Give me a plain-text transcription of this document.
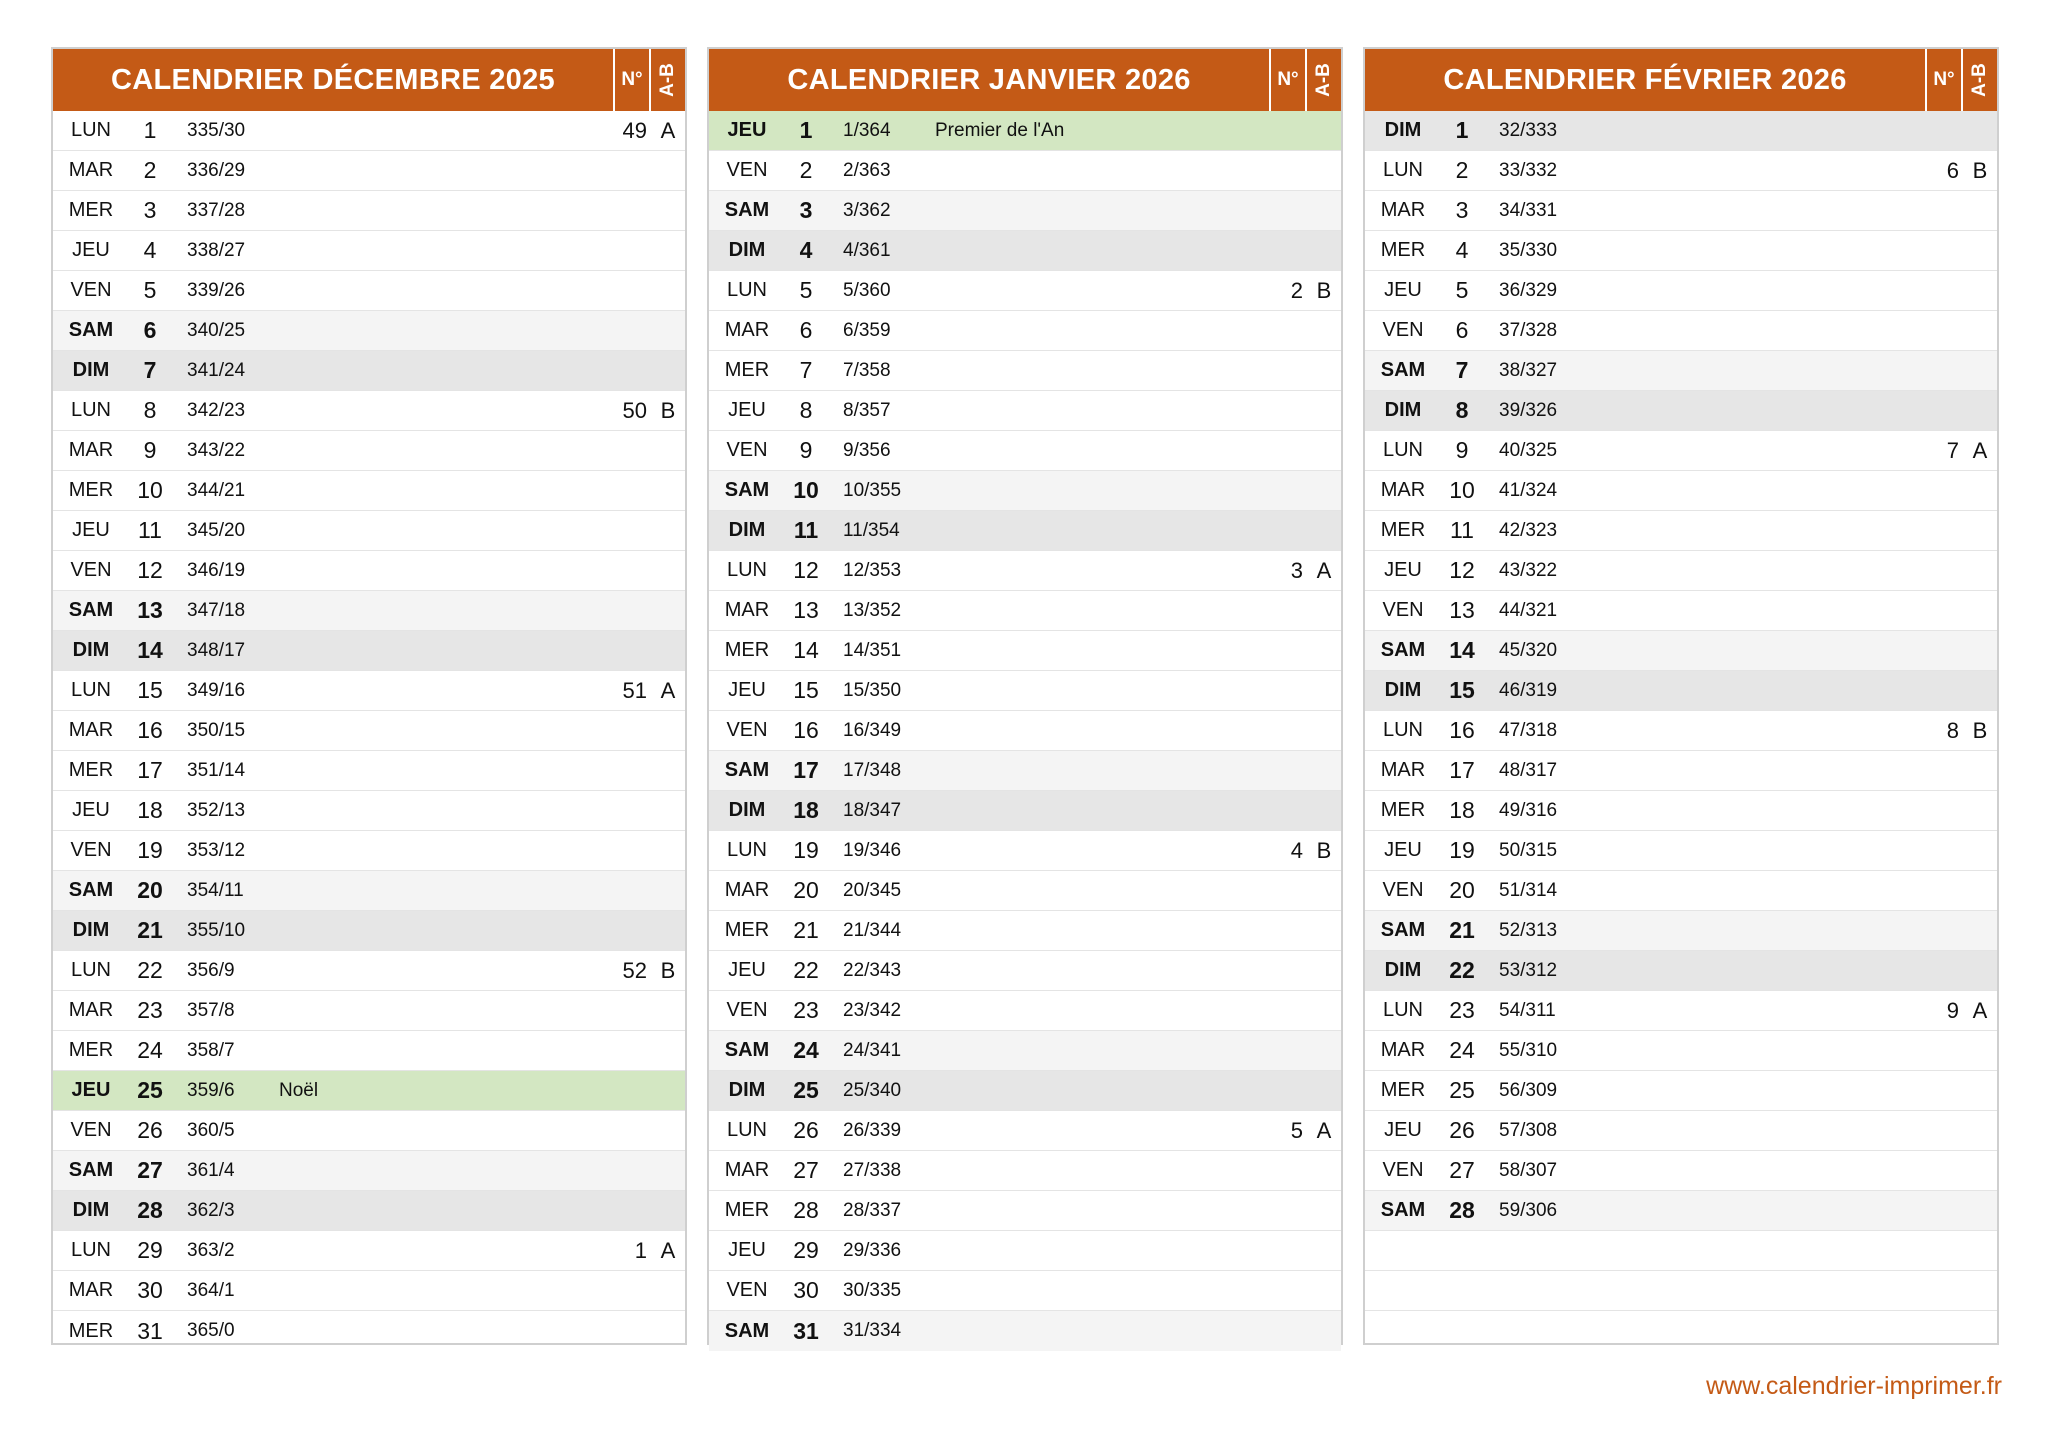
CALENDRIER DÉCEMBRE 2025	N° A-B
LUN	1	335/30	49 A
MAR	2	336/29
MER	3	337/28
JEU	4	338/27
VEN	5	339/26
SAM	6	340/25
DIM	7	341/24
LUN	8	342/23	50 B
MAR	9	343/22
MER	10	344/21
JEU	11	345/20
VEN	12	346/19
SAM	13	347/18
DIM	14	348/17
LUN	15	349/16	51 A
MAR	16	350/15
MER	17	351/14
JEU	18	352/13
VEN	19	353/12
SAM	20	354/11
DIM	21	355/10
LUN	22	356/9	52 B
MAR	23	357/8
MER	24	358/7
JEU	25	359/6	Noël
VEN	26	360/5
SAM	27	361/4
DIM	28	362/3
LUN	29	363/2	1 A
MAR	30	364/1
MER	31	365/0
CALENDRIER JANVIER 2026	N° A-B
JEU	1	1/364	Premier de l'An
VEN	2	2/363
SAM	3	3/362
DIM	4	4/361
LUN	5	5/360	2 B
MAR	6	6/359
MER	7	7/358
JEU	8	8/357
VEN	9	9/356
SAM	10	10/355
DIM	11	11/354
LUN	12	12/353	3 A
MAR	13	13/352
MER	14	14/351
JEU	15	15/350
VEN	16	16/349
SAM	17	17/348
DIM	18	18/347
LUN	19	19/346	4 B
MAR	20	20/345
MER	21	21/344
JEU	22	22/343
VEN	23	23/342
SAM	24	24/341
DIM	25	25/340
LUN	26	26/339	5 A
MAR	27	27/338
MER	28	28/337
JEU	29	29/336
VEN	30	30/335
SAM	31	31/334
CALENDRIER FÉVRIER 2026	N° A-B
DIM	1	32/333
LUN	2	33/332	6 B
MAR	3	34/331
MER	4	35/330
JEU	5	36/329
VEN	6	37/328
SAM	7	38/327
DIM	8	39/326
LUN	9	40/325	7 A
MAR	10	41/324
MER	11	42/323
JEU	12	43/322
VEN	13	44/321
SAM	14	45/320
DIM	15	46/319
LUN	16	47/318	8 B
MAR	17	48/317
MER	18	49/316
JEU	19	50/315
VEN	20	51/314
SAM	21	52/313
DIM	22	53/312
LUN	23	54/311	9 A
MAR	24	55/310
MER	25	56/309
JEU	26	57/308
VEN	27	58/307
SAM	28	59/306
www.calendrier-imprimer.fr
